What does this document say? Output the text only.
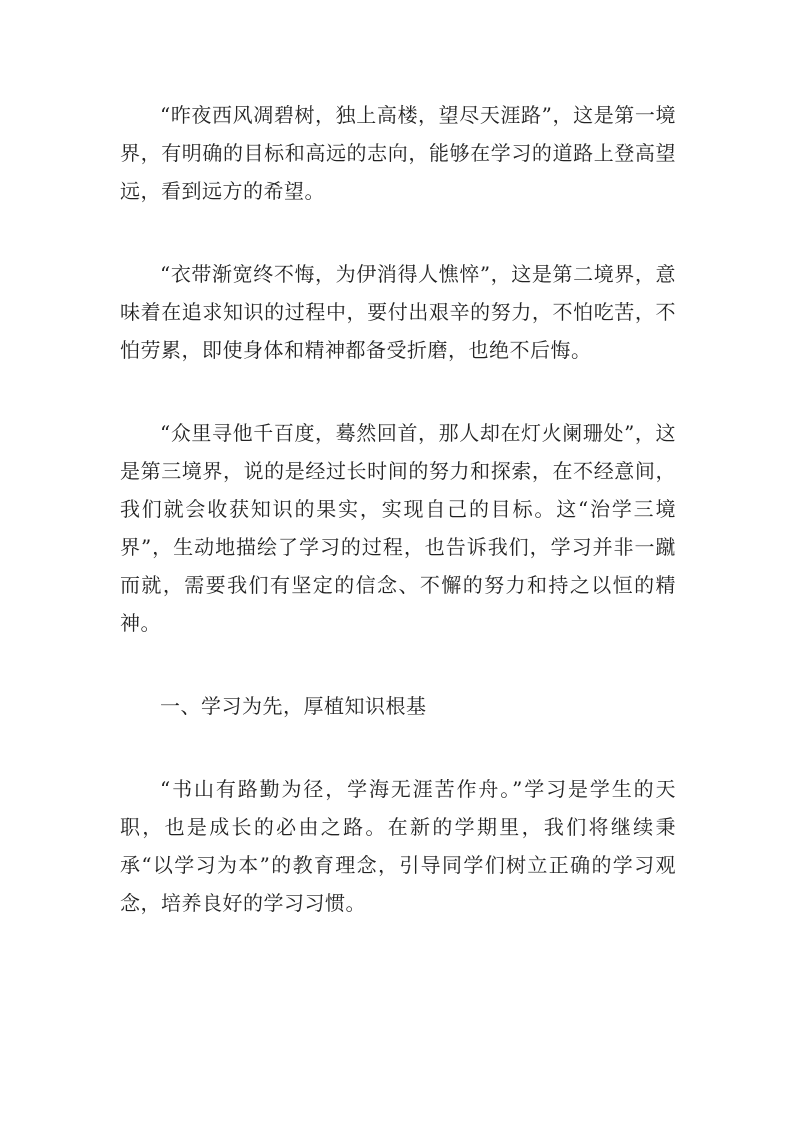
“昨夜西风凋碧树，独上高楼，望尽天涯路”，这是第一境界，有明确的目标和高远的志向，能够在学习的道路上登高望远，看到远方的希望。

“衣带渐宽终不悔，为伊消得人憔悴”，这是第二境界，意味着在追求知识的过程中，要付出艰辛的努力，不怕吃苦，不怕劳累，即使身体和精神都备受折磨，也绝不后悔。

“众里寻他千百度，蓦然回首，那人却在灯火阑珊处”，这是第三境界，说的是经过长时间的努力和探索，在不经意间，我们就会收获知识的果实，实现自己的目标。这“治学三境界”，生动地描绘了学习的过程，也告诉我们，学习并非一蹴而就，需要我们有坚定的信念、不懈的努力和持之以恒的精神。

一、学习为先，厚植知识根基

“书山有路勤为径，学海无涯苦作舟。”学习是学生的天职，也是成长的必由之路。在新的学期里，我们将继续秉承“以学习为本”的教育理念，引导同学们树立正确的学习观念，培养良好的学习习惯。
